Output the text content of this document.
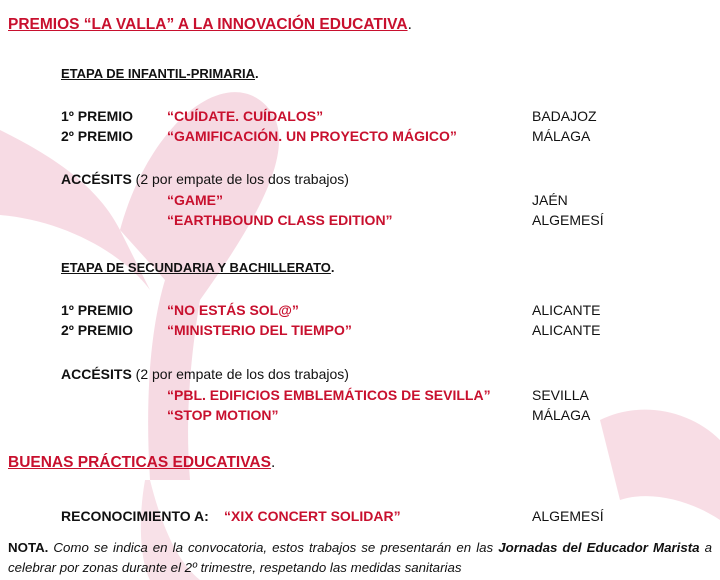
PREMIOS “LA VALLA” A LA INNOVACIÓN EDUCATIVA.
ETAPA DE INFANTIL-PRIMARIA.
1º PREMIO “CUÍDATE. CUÍDALOS”	BADAJOZ
2º PREMIO “GAMIFICACIÓN. UN PROYECTO MÁGICO”	MÁLAGA
ACCÉSITS (2 por empate de los dos trabajos)
“GAME”	JAÉN
“EARTHBOUND CLASS EDITION”	ALGEMESÍ
ETAPA DE SECUNDARIA Y BACHILLERATO.
1º PREMIO “NO ESTÁS SOL@”	ALICANTE
2º PREMIO “MINISTERIO DEL TIEMPO”	ALICANTE
ACCÉSITS (2 por empate de los dos trabajos)
“PBL. EDIFICIOS EMBLEMÁTICOS DE SEVILLA”	SEVILLA
“STOP MOTION”	MÁLAGA
BUENAS PRÁCTICAS EDUCATIVAS.
RECONOCIMIENTO A: “XIX CONCERT SOLIDAR”	ALGEMESÍ
NOTA. Como se indica en la convocatoria, estos trabajos se presentarán en las Jornadas del Educador Marista a celebrar por zonas durante el 2º trimestre, respetando las medidas sanitarias
